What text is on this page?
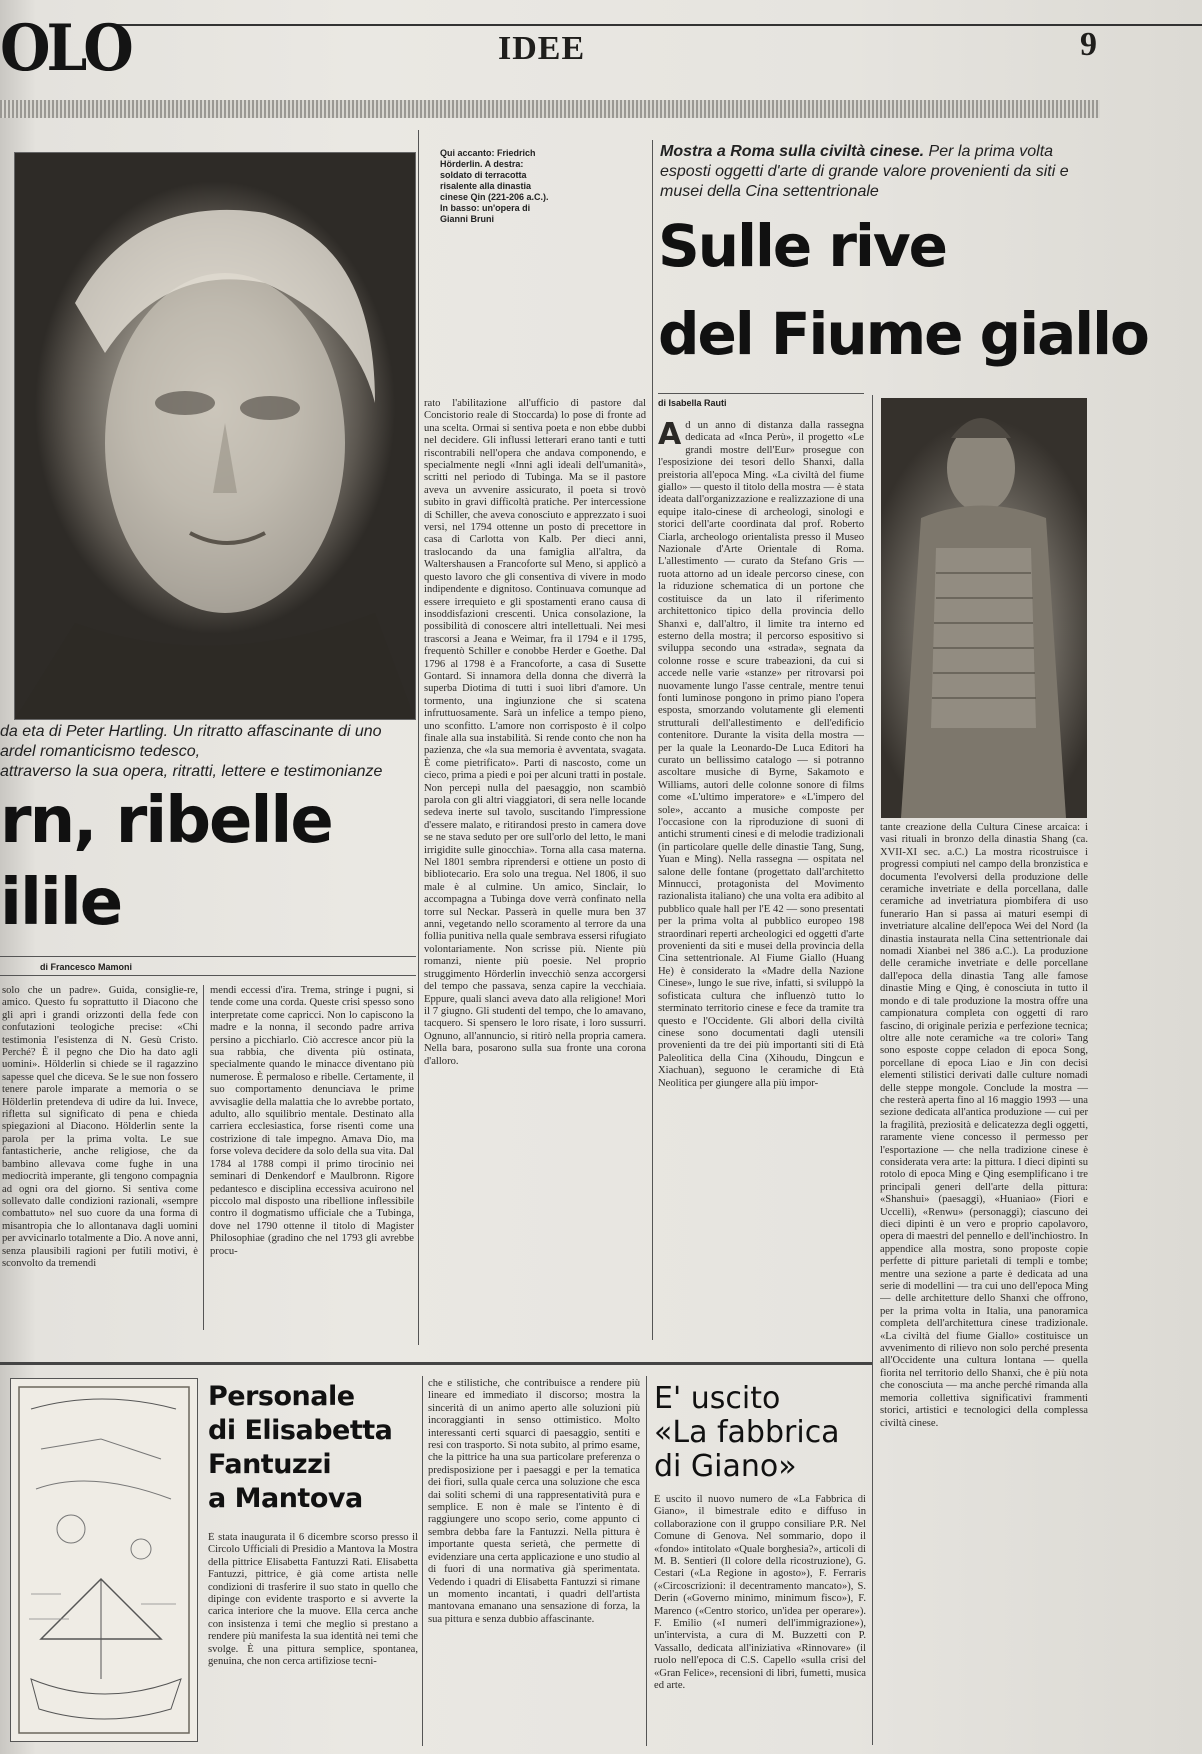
OLO	IDEE	9
da eta di Peter Hartling. Un ritratto affascinante di uno
ardel romanticismo tedesco,
attraverso la sua opera, ritratti, lettere e testimonianze
rn, ribelle
ilile
di Francesco Mamoni
solo che un padre». Guida, consiglie-re, amico. Questo fu soprattutto il Diacono che gli aprì i grandi orizzonti della fede con confutazioni teologiche precise: «Chi testimonia l'esistenza di N. Gesù Cristo. Perché? È il pegno che Dio ha dato agli uomini». Hölderlin si chiede se il ragazzino sapesse quel che diceva. Se le sue non fossero tenere parole imparate a memoria o se Hölderlin pretendeva di udire da lui. Invece, rifletta sul significato di pena e chieda spiegazioni al Diacono. Hölderlin sente la parola per la prima volta. Le sue fantasticherie, anche religiose, che da bambino allevava come fughe in una mediocrità imperante, gli tengono compagnia ad ogni ora del giorno. Si sentiva come sollevato dalle condizioni razionali, «sempre combattuto» nel suo cuore da una forma di misantropia che lo allontanava dagli uomini per avvicinarlo totalmente a Dio. A nove anni, senza plausibili ragioni per futili motivi, è sconvolto da tremendi
mendi eccessi d'ira. Trema, stringe i pugni, si tende come una corda. Queste crisi spesso sono interpretate come capricci. Non lo capiscono la madre e la nonna, il secondo padre arriva persino a picchiarlo. Ciò accresce ancor più la sua rabbia, che diventa più ostinata, specialmente quando le minacce diventano più numerose. È permaloso e ribelle. Certamente, il suo comportamento denunciava le prime avvisaglie della malattia che lo avrebbe portato, adulto, allo squilibrio mentale. Destinato alla carriera ecclesiastica, forse risentì come una costrizione di tale impegno. Amava Dio, ma forse voleva decidere da solo della sua vita. Dal 1784 al 1788 compì il primo tirocinio nei seminari di Denkendorf e Maulbronn. Rigore pedantesco e disciplina eccessiva acuirono nel piccolo mal disposto una ribellione inflessibile contro il dogmatismo ufficiale che a Tubinga, dove nel 1790 ottenne il titolo di Magister Philosophiae (gradino che nel 1793 gli avrebbe procu-
Qui accanto: Friedrich Hörderlin. A destra: soldato di terracotta risalente alla dinastia cinese Qin (221-206 a.C.). In basso: un'opera di Gianni Bruni
rato l'abilitazione all'ufficio di pastore dal Concistorio reale di Stoccarda) lo pose di fronte ad una scelta. Ormai si sentiva poeta e non ebbe dubbi nel decidere. Gli influssi letterari erano tanti e tutti riscontrabili nell'opera che andava componendo, e specialmente negli «Inni agli ideali dell'umanità», scritti nel periodo di Tubinga. Ma se il pastore aveva un avvenire assicurato, il poeta si trovò subito in gravi difficoltà pratiche. Per intercessione di Schiller, che aveva conosciuto e apprezzato i suoi versi, nel 1794 ottenne un posto di precettore in casa di Carlotta von Kalb. Per dieci anni, traslocando da una famiglia all'altra, da Waltershausen a Francoforte sul Meno, si applicò a questo lavoro che gli consentiva di vivere in modo indipendente e dignitoso. Continuava comunque ad essere irrequieto e gli spostamenti erano causa di insoddisfazioni crescenti. Unica consolazione, la possibilità di conoscere altri intellettuali. Nei mesi trascorsi a Jeana e Weimar, fra il 1794 e il 1795, frequentò Schiller e conobbe Herder e Goethe. Dal 1796 al 1798 è a Francoforte, a casa di Susette Gontard. Si innamora della donna che diverrà la superba Diotima di tutti i suoi libri d'amore. Un tormento, una ingiunzione che si scatena infruttuosamente. Sarà un infelice a tempo pieno, uno sconfitto. L'amore non corrisposto è il colpo finale alla sua instabilità. Si rende conto che non ha pazienza, che «la sua memoria è avventata, svagata. È come pietrificato». Parti di nascosto, come un cieco, prima a piedi e poi per alcuni tratti in postale. Non percepì nulla del paesaggio, non scambiò parola con gli altri viaggiatori, di sera nelle locande sedeva inerte sul tavolo, suscitando l'impressione d'essere malato, e ritirandosi presto in camera dove se ne stava seduto per ore sull'orlo del letto, le mani irrigidite sulle ginocchia». Torna alla casa materna. Nel 1801 sembra riprendersi e ottiene un posto di bibliotecario. Era solo una tregua. Nel 1806, il suo male è al culmine. Un amico, Sinclair, lo accompagna a Tubinga dove verrà confinato nella torre sul Neckar. Passerà in quelle mura ben 37 anni, vegetando nello scoramento al terrore da una follia punitiva nella quale sembrava essersi rifugiato volontariamente. Non scrisse più. Niente più romanzi, niente più poesie. Nel proprio struggimento Hörderlin invecchiò senza accorgersi del tempo che passava, senza capire la vecchiaia. Eppure, quali slanci aveva dato alla religione! Morì il 7 giugno. Gli studenti del tempo, che lo amavano, tacquero. Si spensero le loro risate, i loro sussurri. Ognuno, all'annuncio, si ritirò nella propria camera. Nella bara, posarono sulla sua fronte una corona d'alloro.
Mostra a Roma sulla civiltà cinese. Per la prima volta esposti oggetti d'arte di grande valore provenienti da siti e musei della Cina settentrionale
Sulle rive
del Fiume giallo
di Isabella Rauti
Ad un anno di distanza dalla rassegna dedicata ad «Inca Perù», il progetto «Le grandi mostre dell'Eur» prosegue con l'esposizione dei tesori dello Shanxi, dalla preistoria all'epoca Ming. «La civiltà del fiume giallo» — questo il titolo della mostra — è stata ideata dall'organizzazione e realizzazione di una equipe italo-cinese di archeologi, sinologi e storici dell'arte coordinata dal prof. Roberto Ciarla, archeologo orientalista presso il Museo Nazionale d'Arte Orientale di Roma. L'allestimento — curato da Stefano Gris — ruota attorno ad un ideale percorso cinese, con la riduzione schematica di un portone che costituisce da un lato il riferimento architettonico tipico della provincia dello Shanxi e, dall'altro, il limite tra interno ed esterno della mostra; il percorso espositivo si sviluppa secondo una «strada», segnata da colonne rosse e scure trabeazioni, da cui si accede nelle varie «stanze» per ritrovarsi poi nuovamente lungo l'asse centrale, mentre tenui fonti luminose pongono in primo piano l'opera esposta, smorzando volutamente gli elementi strutturali dell'allestimento e dell'edificio contenitore. Durante la visita della mostra — per la quale la Leonardo-De Luca Editori ha curato un bellissimo catalogo — si potranno ascoltare musiche di Byrne, Sakamoto e Williams, autori delle colonne sonore di films come «L'ultimo imperatore» e «L'impero del sole», accanto a musiche composte per l'occasione con la riproduzione di suoni di antichi strumenti cinesi e di melodie tradizionali (in particolare quelle delle dinastie Tang, Sung, Yuan e Ming). Nella rassegna — ospitata nel salone delle fontane (progettato dall'architetto Minnucci, protagonista del Movimento razionalista italiano) che una volta era adibito al pubblico quale hall per l'E 42 — sono presentati per la prima volta al pubblico europeo 198 straordinari reperti archeologici ed oggetti d'arte provenienti da siti e musei della provincia della Cina settentrionale. Al Fiume Giallo (Huang He) è considerato la «Madre della Nazione Cinese», lungo le sue rive, infatti, si sviluppò la sofisticata cultura che influenzò tutto lo sterminato territorio cinese e fece da tramite tra questo e l'Occidente. Gli albori della civiltà cinese sono documentati dagli utensili provenienti da tre dei più importanti siti di Età Paleolitica della Cina (Xihoudu, Dingcun e Xiachuan), seguono le ceramiche di Età Neolitica per giungere alla più impor-
tante creazione della Cultura Cinese arcaica: i vasi rituali in bronzo della dinastia Shang (ca. XVII-XI sec. a.C.) La mostra ricostruisce i progressi compiuti nel campo della bronzistica e documenta l'evolversi della produzione delle ceramiche invetriate e della porcellana, dalle ceramiche ad invetriatura piombifera di uso funerario Han si passa ai maturi esempi di invetriature alcaline dell'epoca Wei del Nord (la dinastia instaurata nella Cina settentrionale dai nomadi Xianbei nel 386 a.C.). La produzione delle ceramiche invetriate e delle porcellane dall'epoca della dinastia Tang alle famose dinastie Ming e Qing, è conosciuta in tutto il mondo e di tale produzione la mostra offre una campionatura completa con oggetti di raro fascino, di originale perizia e perfezione tecnica; oltre alle note ceramiche «a tre colori» Tang sono esposte coppe celadon di epoca Song, porcellane di epoca Liao e Jin con decisi elementi stilistici derivati dalle culture nomadi delle steppe mongole. Conclude la mostra — che resterà aperta fino al 16 maggio 1993 — una sezione dedicata all'antica produzione — cui per la fragilità, preziosità e delicatezza degli oggetti, raramente viene concesso il permesso per l'esportazione — che nella tradizione cinese è considerata vera arte: la pittura. I dieci dipinti su rotolo di epoca Ming e Qing esemplificano i tre principali generi dell'arte della pittura: «Shanshui» (paesaggi), «Huaniao» (Fiori e Uccelli), «Renwu» (personaggi); ciascuno dei dieci dipinti è un vero e proprio capolavoro, opera di maestri del pennello e dell'inchiostro. In appendice alla mostra, sono proposte copie perfette di pitture parietali di templi e tombe; mentre una sezione a parte è dedicata ad una serie di modellini — tra cui uno dell'epoca Ming — delle architetture dello Shanxi che offrono, per la prima volta in Italia, una panoramica completa dell'architettura cinese tradizionale. «La civiltà del fiume Giallo» costituisce un avvenimento di rilievo non solo perché presenta all'Occidente una cultura lontana — quella fiorita nel territorio dello Shanxi, che è più nota che conosciuta — ma anche perché rimanda alla memoria collettiva significativi frammenti storici, artistici e tecnologici della complessa civiltà cinese.
Personale
di Elisabetta
Fantuzzi
a Mantova
È stata inaugurata il 6 dicembre scorso presso il Circolo Ufficiali di Presidio a Mantova la Mostra della pittrice Elisabetta Fantuzzi Rati. Elisabetta Fantuzzi, pittrice, è già come artista nelle condizioni di trasferire il suo stato in quello che dipinge con evidente trasporto e si avverte la carica interiore che la muove. Ella cerca anche con insistenza i temi che meglio si prestano a rendere più manifesta la sua identità nei temi che svolge. È una pittura semplice, spontanea, genuina, che non cerca artifiziose tecni-
che e stilistiche, che contribuisce a rendere più lineare ed immediato il discorso; mostra la sincerità di un animo aperto alle soluzioni più incoraggianti in senso ottimistico. Molto interessanti certi squarci di paesaggio, sentiti e resi con trasporto. Si nota subito, al primo esame, che la pittrice ha una sua particolare preferenza o predisposizione per i paesaggi e per la tematica dei fiori, sulla quale cerca una soluzione che esca dai soliti schemi di una rappresentatività pura e semplice. E non è male se l'intento è di raggiungere uno scopo serio, come appunto ci sembra debba fare la Fantuzzi. Nella pittura è importante questa serietà, che permette di evidenziare una certa applicazione e uno studio al di fuori di una normativa già sperimentata. Vedendo i quadri di Elisabetta Fantuzzi si rimane un momento incantati, i quadri dell'artista mantovana emanano una sensazione di forza, la sua pittura e senza dubbio affascinante.
E' uscito
«La fabbrica
di Giano»
È uscito il nuovo numero de «La Fabbrica di Giano», il bimestrale edito e diffuso in collaborazione con il gruppo consiliare P.R. Nel Comune di Genova. Nel sommario, dopo il «fondo» intitolato «Quale borghesia?», articoli di M. B. Sentieri (Il colore della ricostruzione), G. Cestari («La Regione in agosto»), F. Ferraris («Circoscrizioni: il decentramento mancato»), S. Derin («Governo minimo, minimum fisco»), F. Marenco («Centro storico, un'idea per operare»). F. Emilio («I numeri dell'immigrazione»), un'intervista, a cura di M. Buzzetti con P. Vassallo, dedicata all'iniziativa «Rinnovare» (il ruolo nell'epoca di C.S. Capello «sulla crisi del «Gran Felice», recensioni di libri, fumetti, musica ed arte.
